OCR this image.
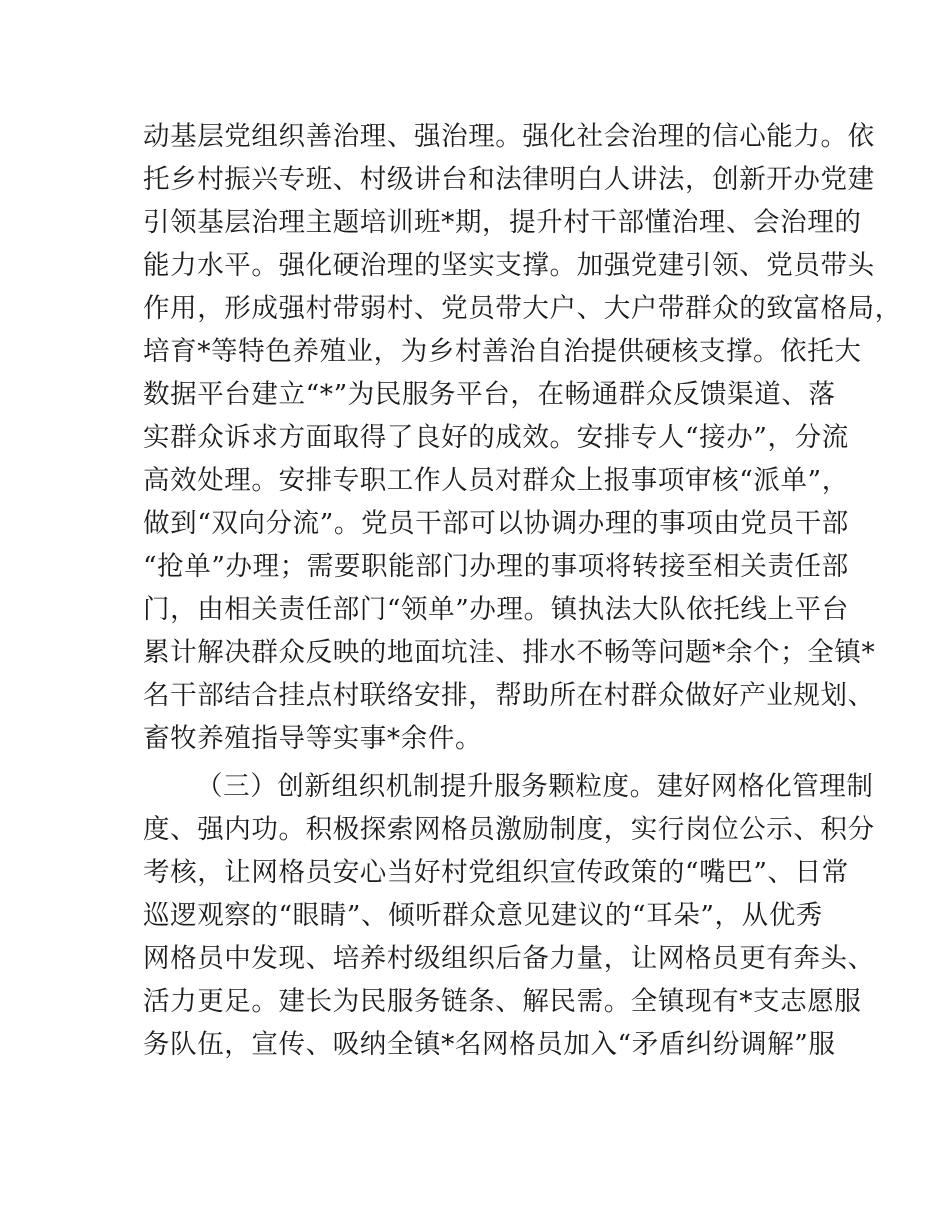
动基层党组织善治理、强治理。强化社会治理的信心能力。依
托乡村振兴专班、村级讲台和法律明白人讲法，创新开办党建
引领基层治理主题培训班*期，提升村干部懂治理、会治理的
能力水平。强化硬治理的坚实支撑。加强党建引领、党员带头
作用，形成强村带弱村、党员带大户、大户带群众的致富格局，
培育*等特色养殖业，为乡村善治自治提供硬核支撑。依托大
数据平台建立“*”为民服务平台，在畅通群众反馈渠道、落
实群众诉求方面取得了良好的成效。安排专人“接办”，分流
高效处理。安排专职工作人员对群众上报事项审核“派单”，
做到“双向分流”。党员干部可以协调办理的事项由党员干部
“抢单”办理；需要职能部门办理的事项将转接至相关责任部
门，由相关责任部门“领单”办理。镇执法大队依托线上平台
累计解决群众反映的地面坑洼、排水不畅等问题*余个；全镇*
名干部结合挂点村联络安排，帮助所在村群众做好产业规划、
畜牧养殖指导等实事*余件。
（三）创新组织机制提升服务颗粒度。建好网格化管理制
度、强内功。积极探索网格员激励制度，实行岗位公示、积分
考核，让网格员安心当好村党组织宣传政策的“嘴巴”、日常
巡逻观察的“眼睛”、倾听群众意见建议的“耳朵”，从优秀
网格员中发现、培养村级组织后备力量，让网格员更有奔头、
活力更足。建长为民服务链条、解民需。全镇现有*支志愿服
务队伍，宣传、吸纳全镇*名网格员加入“矛盾纠纷调解”服
